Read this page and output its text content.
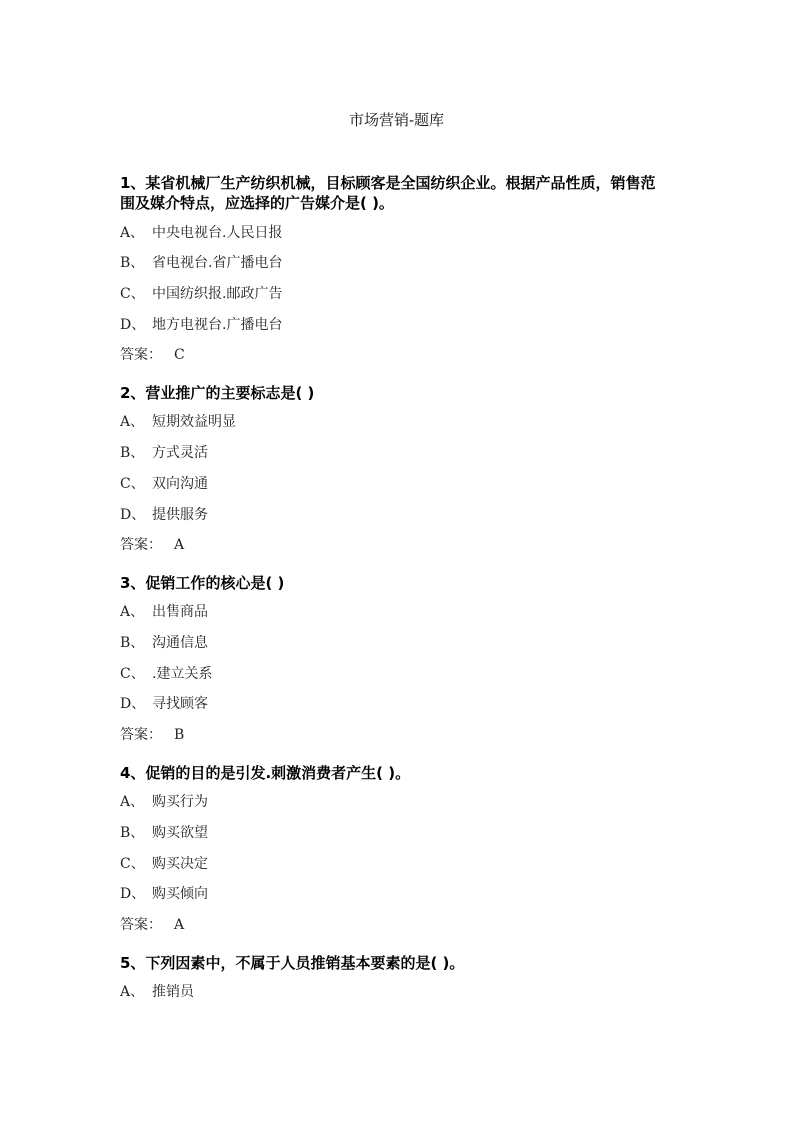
市场营销-题库
1、某省机械厂生产纺织机械，目标顾客是全国纺织企业。根据产品性质，销售范围及媒介特点，应选择的广告媒介是( )。
A、 中央电视台.人民日报
B、 省电视台.省广播电台
C、 中国纺织报.邮政广告
D、 地方电视台.广播电台
答案： C
2、营业推广的主要标志是( )
A、 短期效益明显
B、 方式灵活
C、 双向沟通
D、 提供服务
答案： A
3、促销工作的核心是( )
A、 出售商品
B、 沟通信息
C、 .建立关系
D、 寻找顾客
答案： B
4、促销的目的是引发.刺激消费者产生( )。
A、 购买行为
B、 购买欲望
C、 购买决定
D、 购买倾向
答案： A
5、下列因素中，不属于人员推销基本要素的是( )。
A、 推销员
